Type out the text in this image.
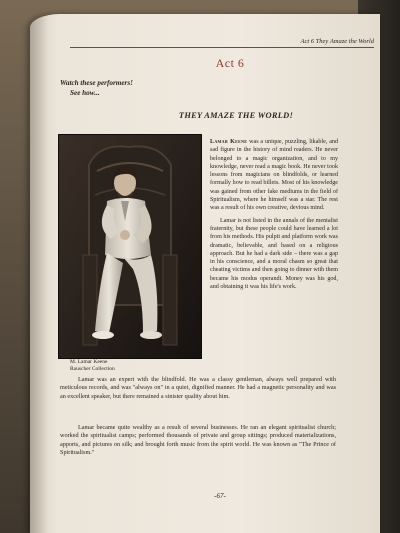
Act 6 They Amaze the World
Act 6
Watch these performers!
See how...
THEY AMAZE THE WORLD!
M. Lamar Keene
Rauscher Collection

Lamar Keene was a unique, puzzling, likable, and sad figure in the history of mind readers. He never belonged to a magic organization, and to my knowledge, never read a magic book. He never took lessons from magicians on blindfolds, or learned formally how to read billets. Most of his knowledge was gained from other fake mediums in the field of Spiritualism, where he himself was a star. The rest was a result of his own creative, devious mind.

Lamar is not listed in the annals of the mentalist fraternity, but these people could have learned a lot from his methods. His pulpit and platform work was dramatic, believable, and based on a religious approach. But he had a dark side – there was a gap in his conscience, and a moral chasm so great that cheating victims and then going to dinner with them became his modus operandi. Money was his god, and obtaining it was his life's work.

Lamar was an expert with the blindfold. He was a classy gentleman, always well prepared with meticulous records, and was "always on" in a quiet, dignified manner. He had a magnetic personality and was an excellent speaker, but there remained a sinister quality about him.

Lamar became quite wealthy as a result of several businesses. He ran an elegant spiritualist church; worked the spiritualist camps; performed thousands of private and group sittings; produced materializations, apports, and pictures on silk; and brought forth music from the spirit world. He was known as "The Prince of Spiritualism."

-67-
